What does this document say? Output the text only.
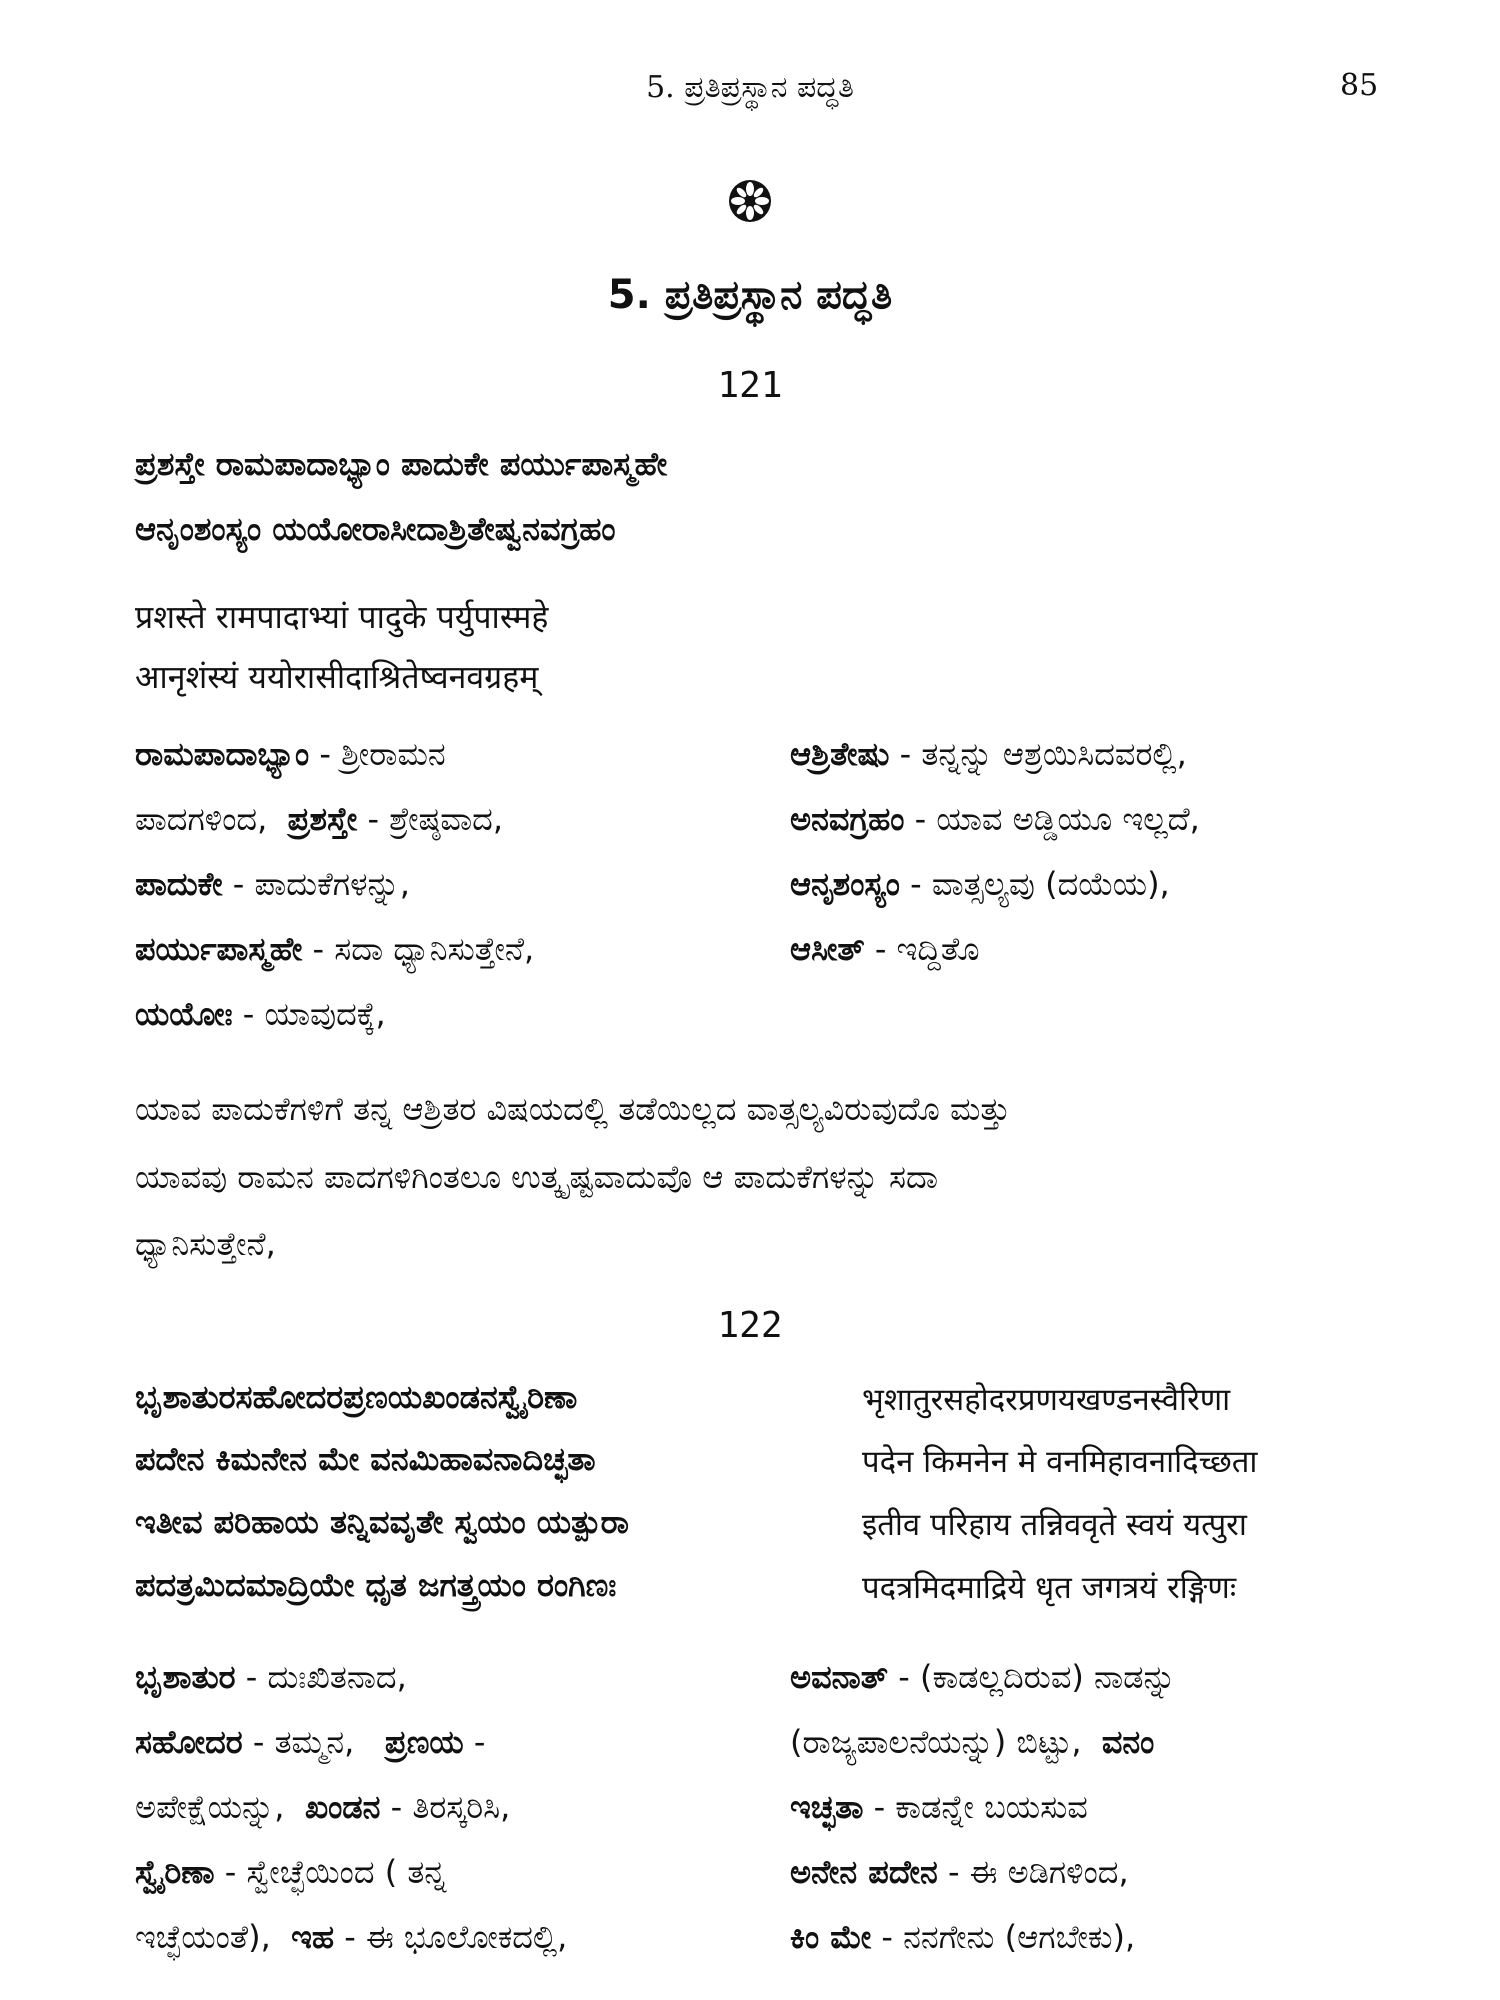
5. ಪ್ರತಿಪ್ರಸ್ಥಾನ ಪದ್ಧತಿ	85
5. ಪ್ರತಿಪ್ರಸ್ಥಾನ ಪದ್ಧತಿ
121
ಪ್ರಶಸ್ತೇ ರಾಮಪಾದಾಭ್ಯಾಂ ಪಾದುಕೇ ಪರ್ಯುಪಾಸ್ಮಹೇ
ಆನೃಂಶಂಸ್ಯಂ ಯಯೋರಾಸೀದಾಶ್ರಿತೇಷ್ವನವಗ್ರಹಂ
प्रशस्ते रामपादाभ्यां पादुके पर्युपास्महे
आनृशंस्यं ययोरासीदाश्रितेष्वनवग्रहम्
ರಾಮಪಾದಾಭ್ಯಾಂ - ಶ್ರೀರಾಮನ
ಪಾದಗಳಿಂದ, ಪ್ರಶಸ್ತೇ - ಶ್ರೇಷ್ಠವಾದ,
ಪಾದುಕೇ - ಪಾದುಕೆಗಳನ್ನು,
ಪರ್ಯುಪಾಸ್ಮಹೇ - ಸದಾ ಧ್ಯಾನಿಸುತ್ತೇನೆ,
ಯಯೋಃ - ಯಾವುದಕ್ಕೆ,
ಆಶ್ರಿತೇಷು - ತನ್ನನ್ನು ಆಶ್ರಯಿಸಿದವರಲ್ಲಿ,
ಅನವಗ್ರಹಂ - ಯಾವ ಅಡ್ಡಿಯೂ ಇಲ್ಲದೆ,
ಆನೃಶಂಸ್ಯಂ - ವಾತ್ಸಲ್ಯವು (ದಯೆಯ),
ಆಸೀತ್ - ಇದ್ದಿತೊ
ಯಾವ ಪಾದುಕೆಗಳಿಗೆ ತನ್ನ ಆಶ್ರಿತರ ವಿಷಯದಲ್ಲಿ ತಡೆಯಿಲ್ಲದ ವಾತ್ಸಲ್ಯವಿರುವುದೊ ಮತ್ತು
ಯಾವವು ರಾಮನ ಪಾದಗಳಿಗಿಂತಲೂ ಉತ್ಕೃಷ್ಟವಾದುವೊ ಆ ಪಾದುಕೆಗಳನ್ನು ಸದಾ
ಧ್ಯಾನಿಸುತ್ತೇನೆ,
122
ಭೃಶಾತುರಸಹೋದರಪ್ರಣಯಖಂಡನಸ್ವೈರಿಣಾ
ಪದೇನ ಕಿಮನೇನ ಮೇ ವನಮಿಹಾವನಾದಿಚ್ಛತಾ
ಇತೀವ ಪರಿಹಾಯ ತನ್ನಿವವೃತೇ ಸ್ವಯಂ ಯತ್ಪುರಾ
ಪದತ್ರಮಿದಮಾದ್ರಿಯೇ ಧೃತ ಜಗತ್ತ್ರಯಂ ರಂಗಿಣಃ
भृशातुरसहोदरप्रणयखण्डनस्वैरिणा
पदेन किमनेन मे वनमिहावनादिच्छता
इतीव परिहाय तन्निववृते स्वयं यत्पुरा
पदत्रमिदमाद्रिये धृत जगत्रयं रङ्गिणः
ಭೃಶಾತುರ - ದುಃಖಿತನಾದ,
ಸಹೋದರ - ತಮ್ಮನ, ಪ್ರಣಯ -
ಅಪೇಕ್ಷೆಯನ್ನು, ಖಂಡನ - ತಿರಸ್ಕರಿಸಿ,
ಸ್ವೈರಿಣಾ - ಸ್ವೇಚ್ಛೆಯಿಂದ ( ತನ್ನ
ಇಚ್ಛೆಯಂತೆ), ಇಹ - ಈ ಭೂಲೋಕದಲ್ಲಿ,
ಅವನಾತ್ - (ಕಾಡಲ್ಲದಿರುವ) ನಾಡನ್ನು
(ರಾಜ್ಯಪಾಲನೆಯನ್ನು) ಬಿಟ್ಟು, ವನಂ
ಇಚ್ಛತಾ - ಕಾಡನ್ನೇ ಬಯಸುವ
ಅನೇನ ಪದೇನ - ಈ ಅಡಿಗಳಿಂದ,
ಕಿಂ ಮೇ - ನನಗೇನು (ಆಗಬೇಕು),
